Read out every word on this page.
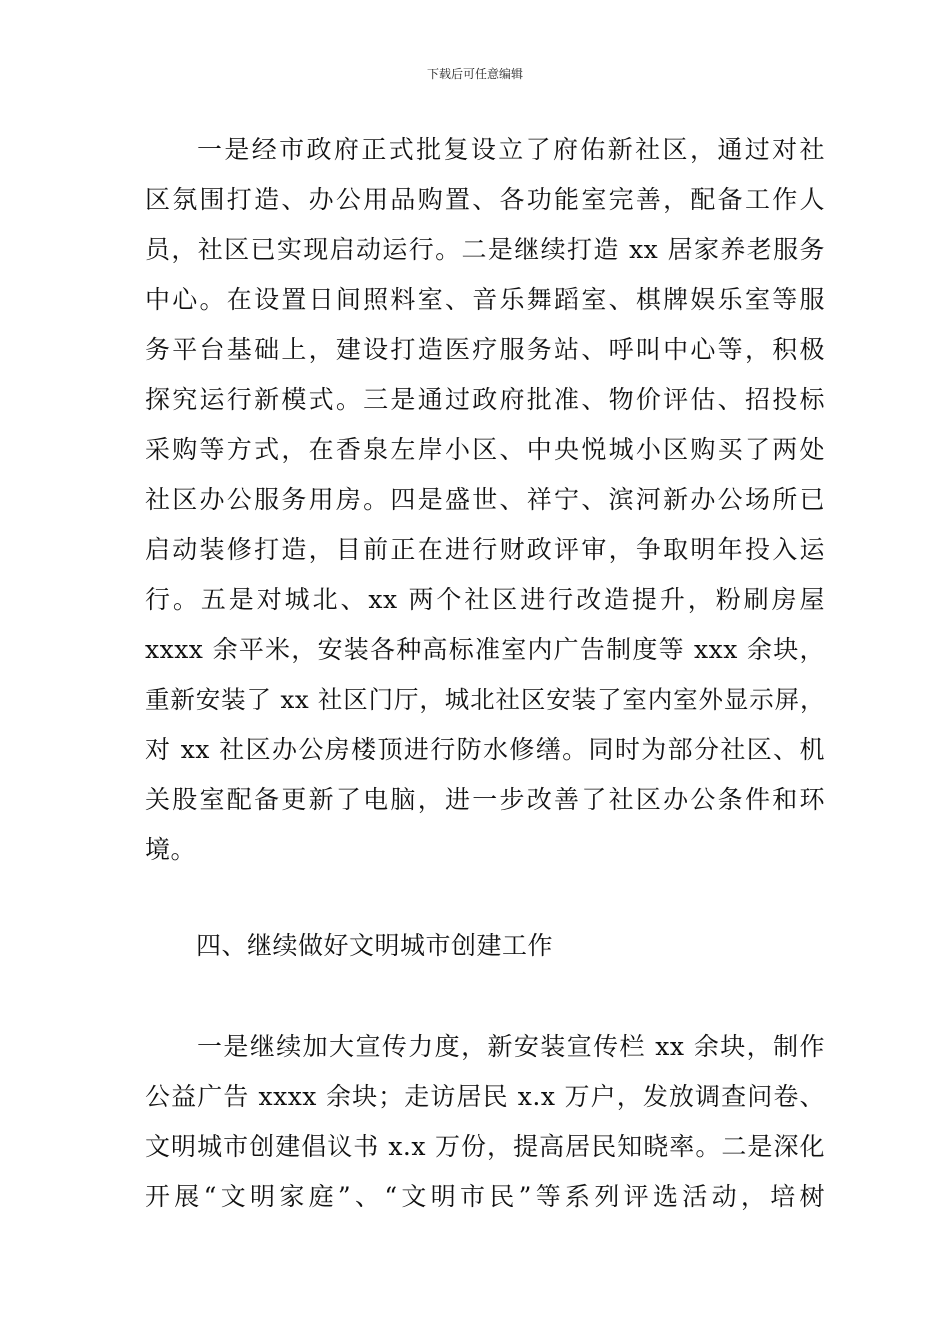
下载后可任意编辑
一是经市政府正式批复设立了府佑新社区，通过对社
区氛围打造、办公用品购置、各功能室完善，配备工作人
员，社区已实现启动运行。二是继续打造 xx 居家养老服务
中心。在设置日间照料室、音乐舞蹈室、棋牌娱乐室等服
务平台基础上，建设打造医疗服务站、呼叫中心等，积极
探究运行新模式。三是通过政府批准、物价评估、招投标
采购等方式，在香泉左岸小区、中央悦城小区购买了两处
社区办公服务用房。四是盛世、祥宁、滨河新办公场所已
启动装修打造，目前正在进行财政评审，争取明年投入运
行。五是对城北、xx 两个社区进行改造提升，粉刷房屋
xxxx 余平米，安装各种高标准室内广告制度等 xxx 余块，
重新安装了 xx 社区门厅，城北社区安装了室内室外显示屏，
对 xx 社区办公房楼顶进行防水修缮。同时为部分社区、机
关股室配备更新了电脑，进一步改善了社区办公条件和环
境。
四、继续做好文明城市创建工作
一是继续加大宣传力度，新安装宣传栏 xx 余块，制作
公益广告 xxxx 余块；走访居民 x.x 万户，发放调查问卷、
文明城市创建倡议书 x.x 万份，提高居民知晓率。二是深化
开展“文明家庭”、“文明市民”等系列评选活动，培树
